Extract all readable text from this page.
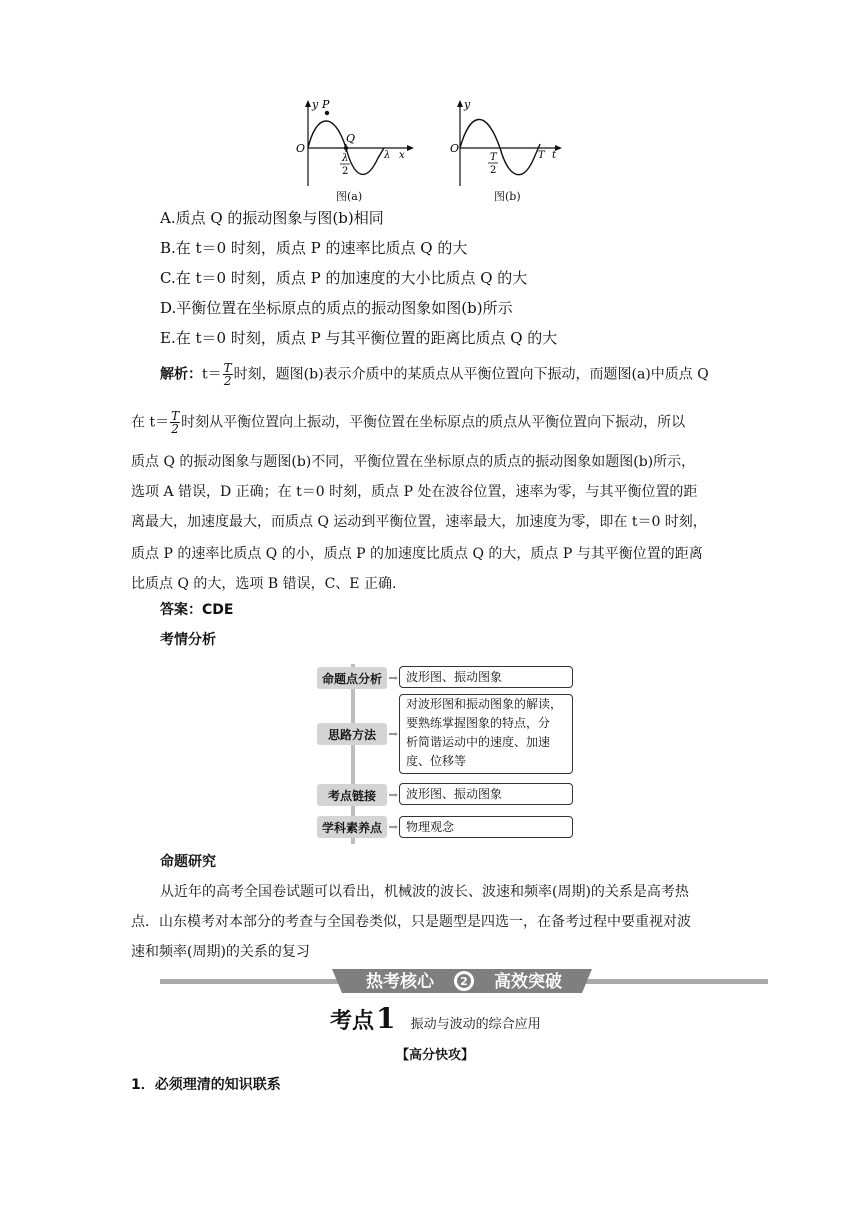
y P
O
Q
λ
2
λ x
图(a)
y
O
T
2
T t
图(b)
A.质点 Q 的振动图象与图(b)相同
B.在 t＝0 时刻，质点 P 的速率比质点 Q 的大
C.在 t＝0 时刻，质点 P 的加速度的大小比质点 Q 的大
D.平衡位置在坐标原点的质点的振动图象如图(b)所示
E.在 t＝0 时刻，质点 P 与其平衡位置的距离比质点 Q 的大
解析：$t= \frac{T}{2}$ 时刻，题图(b)表示介质中的某质点从平衡位置向下振动，而题图(a)中质点 Q
在 $t= \frac{T}{2}$ 时刻从平衡位置向上振动，平衡位置在坐标原点的质点从平衡位置向下振动，所以
质点 Q 的振动图象与题图(b)不同，平衡位置在坐标原点的质点的振动图象如题图(b)所示，
选项 A 错误，D 正确；在 t＝0 时刻，质点 P 处在波谷位置，速率为零，与其平衡位置的距
离最大，加速度最大，而质点 Q 运动到平衡位置，速率最大，加速度为零，即在 t＝0 时刻，
质点 P 的速率比质点 Q 的小，质点 P 的加速度比质点 Q 的大，质点 P 与其平衡位置的距离
比质点 Q 的大，选项 B 错误，C、E 正确.
答案：CDE
考情分析
命题点分析	波形图、振动图象
思路方法
对波形图和振动图象的解读，
要熟练掌握图象的特点，分
析简谐运动中的速度、加速
度、位移等
考点链接	波形图、振动图象
学科素养点	物理观念
命题研究
从近年的高考全国卷试题可以看出，机械波的波长、波速和频率(周期)的关系是高考热
点．山东模考对本部分的考查与全国卷类似，只是题型是四选一，在备考过程中要重视对波
速和频率(周期)的关系的复习
2
热考核心	高效突破
考点1 振动与波动的综合应用
【高分快攻】
1．必须理清的知识联系
